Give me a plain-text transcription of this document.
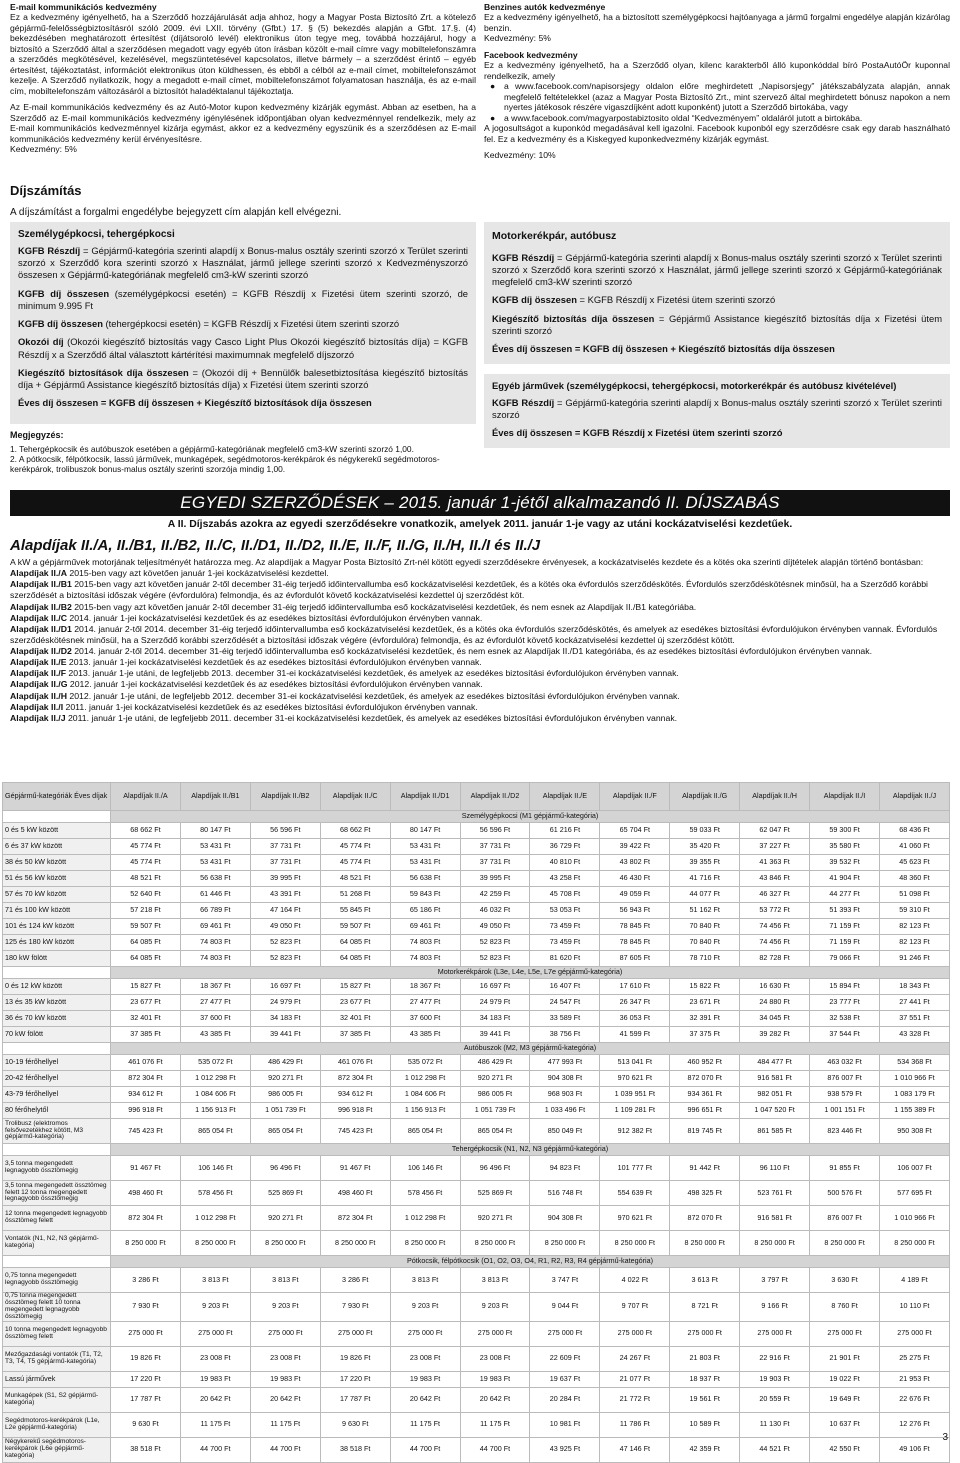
E-mail kommunikációs kedvezmény

Ez a kedvezmény igényelhető, ha a Szerződő hozzájárulását adja ahhoz, hogy a Magyar Posta Biztosító Zrt. a kötelező gépjármű-felelősségbiztosításról szóló 2009. évi LXII. törvény (Gfbt.) 17. § (5) bekezdés alapján a Gfbt. 17.§. (4) bekezdésében meghatározott értesítést (díjátsoroló levél) elektronikus úton tegye meg, továbbá hozzájárul, hogy a biztosító a Szerződő által a szerződésen megadott vagy egyéb úton írásban közölt e-mail címre vagy mobiltelefonszámra a szerződés megkötésével, kezelésével, megszüntetésével kapcsolatos, illetve bármely – a szerződést érintő – egyéb értesítést, tájékoztatást, információt elektronikus úton küldhessen, és ebből a célból az e-mail címet, mobiltelefonszámot kezelje. A Szerződő nyilatkozik, hogy a megadott e-mail címet, mobiltelefonszámot folyamatosan használja, és az e-mail cím, mobiltelefonszám változásáról a biztosítót haladéktalanul tájékoztatja.

Az E-mail kommunikációs kedvezmény és az Autó-Motor kupon kedvezmény kizárják egymást. Abban az esetben, ha a Szerződő az E-mail kommunikációs kedvezmény igénylésének időpontjában olyan kedvezménnyel rendelkezik, mely az E-mail kommunikációs kedvezménnyel kizárja egymást, akkor ez a kedvezmény egyszünik és a szerződésen az E-mail kommunikációs kedvezmény kerül érvényesítésre.

Kedvezmény: 5%
Benzines autók kedvezménye

Ez a kedvezmény igényelhető, ha a biztosított személygépkocsi hajtóanyaga a jármű forgalmi engedélye alapján kizárólag benzin.

Kedvezmény: 5%
Facebook kedvezmény

Ez a kedvezmény igényelhető, ha a Szerződő olyan, kilenc karakterből álló kuponkóddal bíró PostaAutóÖr kuponnal rendelkezik, amely

●	a www.facebook.com/napisorsjegy oldalon előre meghirdetett „Napisorsjegy” játékszabályzata alapján, annak megfelelő feltételekkel (azaz a Magyar Posta Biztosító Zrt., mint szervező által meghirdetett bónusz napokon a nem nyertes játékosok részére vigaszdíjként adott kuponként) jutott a Szerződő birtokába, vagy

●	a www.facebook.com/magyarpostabiztosito oldal “Kedvezményem” oldaláról jutott a birtokába.

A jogosultságot a kuponkód megadásával kell igazolni. Facebook kuponból egy szerződésre csak egy darab használható fel. Ez a kedvezmény és a Kiskegyed kuponkedvezmény kizárják egymást.

Kedvezmény: 10%
Díjszámítás
A díjszámítást a forgalmi engedélybe bejegyzett cím alapján kell elvégezni.
Személygépkocsi, tehergépkocsi

KGFB Részdíj = Gépjármű-kategória szerinti alapdíj x Bonus-malus osztály szerinti szorzó x Terület szerinti szorzó x Szerződő kora szerinti szorzó x Használat, jármű jellege szerinti szorzó x Kedvezményszorzó összesen x Gépjármű-kategóriának megfelelő cm3-kW szerinti szorzó

KGFB díj összesen (személygépkocsi esetén) = KGFB Részdíj x Fizetési ütem szerinti szorzó, de minimum 9.995 Ft

KGFB díj összesen (tehergépkocsi esetén) = KGFB Részdíj x Fizetési ütem szerinti szorzó

Okozói díj (Okozói kiegészítő biztosítás vagy Casco Light Plus Okozói kiegészítő biztosítás díja) = KGFB Részdíj x a Szerződő által választott kártérítési maximumnak megfelelő díjszorzó

Kiegészítő biztosítások díja összesen = (Okozói díj + Bennülők balesetbiztosítása kiegészítő biztosítás díja + Gépjármű Assistance kiegészítő biztosítás díja) x Fizetési ütem szerinti szorzó

Éves díj összesen = KGFB díj összesen + Kiegészítő biztosítások díja összesen

Megjegyzés:
1. Tehergépkocsik és autóbuszok esetében a gépjármű-kategóriának megfelelő cm3-kW szerinti szorzó 1,00.
2. A pótkocsik, félpótkocsik, lassú járművek, munkagépek, segédmotoros-kerékpárok és négykerekű segédmotoros-kerékpárok, trolibuszok bonus-malus osztály szerinti szorzója mindig 1,00.
Motorkerékpár, autóbusz

KGFB Részdíj = Gépjármű-kategória szerinti alapdíj x Bonus-malus osztály szerinti szorzó x Terület szerinti szorzó x Szerződő kora szerinti szorzó x Használat, jármű jellege szerinti szorzó x Gépjármű-kategóriának megfelelő cm3-kW szerinti szorzó

KGFB díj összesen = KGFB Részdíj x Fizetési ütem szerinti szorzó

Kiegészítő biztosítás díja összesen = Gépjármű Assistance kiegészítő biztosítás díja x Fizetési ütem szerinti szorzó

Éves díj összesen = KGFB díj összesen + Kiegészítő biztosítás díja összesen

Egyéb járművek (személygépkocsi, tehergépkocsi, motorkerékpár és autóbusz kivételével)

KGFB Részdíj = Gépjármű-kategória szerinti alapdíj x Bonus-malus osztály szerinti szorzó x Terület szerinti szorzó

Éves díj összesen = KGFB Részdíj x Fizetési ütem szerinti szorzó

EGYEDI SZERZŐDÉSEK – 2015. január 1-jétől alkalmazandó II. DÍJSZABÁS
A II. Díjszabás azokra az egyedi szerződésekre vonatkozik, amelyek 2011. január 1-je vagy az utáni kockázatviselési kezdetűek.
Alapdíjak II./A, II./B1, II./B2, II./C, II./D1, II./D2, II./E, II./F, II./G, II./H, II./I és II./J

A kW a gépjárművek motorjának teljesítményét határozza meg. Az alapdíjak a Magyar Posta Biztosító Zrt-nél kötött egyedi szerződésekre érvényesek, a kockázatviselés kezdete és a kötés oka szerinti díjtételek alapján történő bontásban:

Alapdíjak II./A 2015-ben vagy azt követően január 1-jei kockázatviselési kezdettel.

Alapdíjak II./B1 2015-ben vagy azt követően január 2-től december 31-éig terjedő időintervallumba eső kockázatviselési kezdetűek, és a kötés oka évfordulós szerződéskötés. Évfordulós szerződéskötésnek minősül, ha a Szerződő korábbi szerződését a biztosítási időszak végére (évfordulóra) felmondja, és az évfordulót követő kockázatviselési kezdettel új szerződést köt.

Alapdíjak II./B2 2015-ben vagy azt követően január 2-től december 31-éig terjedő időintervallumba eső kockázatviselési kezdetűek, és nem esnek az Alapdíjak II./B1 kategóriába.

Alapdíjak II./C 2014. január 1-jei kockázatviselési kezdetűek és az esedékes biztosítási évfordulójukon érvényben vannak.

Alapdíjak II./D1 2014. január 2-től 2014. december 31-éig terjedő időintervallumba eső kockázatviselési kezdetűek, és a kötés oka évfordulós szerződéskötés, és amelyek az esedékes biztosítási évfordulójukon érvényben vannak. Évfordulós szerződéskötésnek minősül, ha a Szerződő korábbi szerződését a biztosítási időszak végére (évfordulóra) felmondja, és az évfordulót követő kockázatviselési kezdettel új szerződést kötött.

Alapdíjak II./D2 2014. január 2-től 2014. december 31-éig terjedő időintervallumba eső kockázatviselési kezdetűek, és nem esnek az Alapdíjak II./D1 kategóriába, és az esedékes biztosítási évfordulójukon érvényben vannak.

Alapdíjak II./E 2013. január 1-jei kockázatviselési kezdetűek és az esedékes biztosítási évfordulójukon érvényben vannak.

Alapdíjak II./F 2013. január 1-je utáni, de legfeljebb 2013. december 31-ei kockázatviselési kezdetűek, és amelyek az esedékes biztosítási évfordulójukon érvényben vannak.

Alapdíjak II./G 2012. január 1-jei kockázatviselési kezdetűek és az esedékes biztosítási évfordulójukon érvényben vannak.

Alapdíjak II./H 2012. január 1-je utáni, de legfeljebb 2012. december 31-ei kockázatviselési kezdetűek, és amelyek az esedékes biztosítási évfordulójukon érvényben vannak.

Alapdíjak II./I 2011. január 1-jei kockázatviselési kezdetűek és az esedékes biztosítási évfordulójukon érvényben vannak.

Alapdíjak II./J 2011. január 1-je utáni, de legfeljebb 2011. december 31-ei kockázatviselési kezdetűek, és amelyek az esedékes biztosítási évfordulójukon érvényben vannak.

Gépjármű-kategóriák Éves díjak	Alapdíjak II./A	Alapdíjak II./B1	Alapdíjak II./B2	Alapdíjak II./C	Alapdíjak II./D1	Alapdíjak II./D2	Alapdíjak II./E	Alapdíjak II./F	Alapdíjak II./G	Alapdíjak II./H	Alapdíjak II./I	Alapdíjak II./J
	Személygépkocsi (M1 gépjármű-kategória)											
0 és 5 kW között	68 662 Ft	80 147 Ft	56 596 Ft	68 662 Ft	80 147 Ft	56 596 Ft	61 216 Ft	65 704 Ft	59 033 Ft	62 047 Ft	59 300 Ft	68 436 Ft
6 és 37 kW között	45 774 Ft	53 431 Ft	37 731 Ft	45 774 Ft	53 431 Ft	37 731 Ft	36 729 Ft	39 422 Ft	35 420 Ft	37 227 Ft	35 580 Ft	41 060 Ft
38 és 50 kW között	45 774 Ft	53 431 Ft	37 731 Ft	45 774 Ft	53 431 Ft	37 731 Ft	40 810 Ft	43 802 Ft	39 355 Ft	41 363 Ft	39 532 Ft	45 623 Ft
51 és 56 kW között	48 521 Ft	56 638 Ft	39 995 Ft	48 521 Ft	56 638 Ft	39 995 Ft	43 258 Ft	46 430 Ft	41 716 Ft	43 846 Ft	41 904 Ft	48 360 Ft
57 és 70 kW között	52 640 Ft	61 446 Ft	43 391 Ft	51 268 Ft	59 843 Ft	42 259 Ft	45 708 Ft	49 059 Ft	44 077 Ft	46 327 Ft	44 277 Ft	51 098 Ft
71 és 100 kW között	57 218 Ft	66 789 Ft	47 164 Ft	55 845 Ft	65 186 Ft	46 032 Ft	53 053 Ft	56 943 Ft	51 162 Ft	53 772 Ft	51 393 Ft	59 310 Ft
101 és 124 kW között	59 507 Ft	69 461 Ft	49 050 Ft	59 507 Ft	69 461 Ft	49 050 Ft	73 459 Ft	78 845 Ft	70 840 Ft	74 456 Ft	71 159 Ft	82 123 Ft
125 és 180 kW között	64 085 Ft	74 803 Ft	52 823 Ft	64 085 Ft	74 803 Ft	52 823 Ft	73 459 Ft	78 845 Ft	70 840 Ft	74 456 Ft	71 159 Ft	82 123 Ft
180 kW fölött	64 085 Ft	74 803 Ft	52 823 Ft	64 085 Ft	74 803 Ft	52 823 Ft	81 620 Ft	87 605 Ft	78 710 Ft	82 728 Ft	79 066 Ft	91 246 Ft
	Motorkerékpárok (L3e, L4e, L5e, L7e gépjármű-kategória)											
0 és 12 kW között	15 827 Ft	18 367 Ft	16 697 Ft	15 827 Ft	18 367 Ft	16 697 Ft	16 407 Ft	17 610 Ft	15 822 Ft	16 630 Ft	15 894 Ft	18 343 Ft
13 és 35 kW között	23 677 Ft	27 477 Ft	24 979 Ft	23 677 Ft	27 477 Ft	24 979 Ft	24 547 Ft	26 347 Ft	23 671 Ft	24 880 Ft	23 777 Ft	27 441 Ft
36 és 70 kW között	32 401 Ft	37 600 Ft	34 183 Ft	32 401 Ft	37 600 Ft	34 183 Ft	33 589 Ft	36 053 Ft	32 391 Ft	34 045 Ft	32 538 Ft	37 551 Ft
70 kW fölött	37 385 Ft	43 385 Ft	39 441 Ft	37 385 Ft	43 385 Ft	39 441 Ft	38 756 Ft	41 599 Ft	37 375 Ft	39 282 Ft	37 544 Ft	43 328 Ft
	Autóbuszok (M2, M3 gépjármű-kategória)											
10-19 férőhellyel	461 076 Ft	535 072 Ft	486 429 Ft	461 076 Ft	535 072 Ft	486 429 Ft	477 993 Ft	513 041 Ft	460 952 Ft	484 477 Ft	463 032 Ft	534 368 Ft
20-42 férőhellyel	872 304 Ft	1 012 298 Ft	920 271 Ft	872 304 Ft	1 012 298 Ft	920 271 Ft	904 308 Ft	970 621 Ft	872 070 Ft	916 581 Ft	876 007 Ft	1 010 966 Ft
43-79 férőhellyel	934 612 Ft	1 084 606 Ft	986 005 Ft	934 612 Ft	1 084 606 Ft	986 005 Ft	968 903 Ft	1 039 951 Ft	934 361 Ft	982 051 Ft	938 579 Ft	1 083 179 Ft
80 férőhelytől	996 918 Ft	1 156 913 Ft	1 051 739 Ft	996 918 Ft	1 156 913 Ft	1 051 739 Ft	1 033 496 Ft	1 109 281 Ft	996 651 Ft	1 047 520 Ft	1 001 151 Ft	1 155 389 Ft
Trolibusz (elektromos felsővezetékhez kötött, M3 gépjármű-kategória)	745 423 Ft	865 054 Ft	865 054 Ft	745 423 Ft	865 054 Ft	865 054 Ft	850 049 Ft	912 382 Ft	819 745 Ft	861 585 Ft	823 446 Ft	950 308 Ft
	Tehergépkocsik (N1, N2, N3 gépjármű-kategória)											
3,5 tonna megengedett legnagyobb össztömegig	91 467 Ft	106 146 Ft	96 496 Ft	91 467 Ft	106 146 Ft	96 496 Ft	94 823 Ft	101 777 Ft	91 442 Ft	96 110 Ft	91 855 Ft	106 007 Ft
3,5 tonna megengedett össztömeg felett 12 tonna megengedett legnagyobb össztömegig	498 460 Ft	578 456 Ft	525 869 Ft	498 460 Ft	578 456 Ft	525 869 Ft	516 748 Ft	554 639 Ft	498 325 Ft	523 761 Ft	500 576 Ft	577 695 Ft
12 tonna megengedett legnagyobb össztömeg felett	872 304 Ft	1 012 298 Ft	920 271 Ft	872 304 Ft	1 012 298 Ft	920 271 Ft	904 308 Ft	970 621 Ft	872 070 Ft	916 581 Ft	876 007 Ft	1 010 966 Ft
Vontatók (N1, N2, N3 gépjármű-kategória)	8 250 000 Ft	8 250 000 Ft	8 250 000 Ft	8 250 000 Ft	8 250 000 Ft	8 250 000 Ft	8 250 000 Ft	8 250 000 Ft	8 250 000 Ft	8 250 000 Ft	8 250 000 Ft	8 250 000 Ft
	Pótkocsik, félpótkocsik (O1, O2, O3, O4, R1, R2, R3, R4 gépjármű-kategória)											
0,75 tonna megengedett legnagyobb össztömegig	3 286 Ft	3 813 Ft	3 813 Ft	3 286 Ft	3 813 Ft	3 813 Ft	3 747 Ft	4 022 Ft	3 613 Ft	3 797 Ft	3 630 Ft	4 189 Ft
0,75 tonna megengedett össztömeg felett 10 tonna megengedett legnagyobb össztömegig	7 930 Ft	9 203 Ft	9 203 Ft	7 930 Ft	9 203 Ft	9 203 Ft	9 044 Ft	9 707 Ft	8 721 Ft	9 166 Ft	8 760 Ft	10 110 Ft
10 tonna megengedett legnagyobb össztömeg felett	275 000 Ft	275 000 Ft	275 000 Ft	275 000 Ft	275 000 Ft	275 000 Ft	275 000 Ft	275 000 Ft	275 000 Ft	275 000 Ft	275 000 Ft	275 000 Ft
Mezőgazdasági vontatók (T1, T2, T3, T4, T5 gépjármű-kategória)	19 826 Ft	23 008 Ft	23 008 Ft	19 826 Ft	23 008 Ft	23 008 Ft	22 609 Ft	24 267 Ft	21 803 Ft	22 916 Ft	21 901 Ft	25 275 Ft
Lassú járművek	17 220 Ft	19 983 Ft	19 983 Ft	17 220 Ft	19 983 Ft	19 983 Ft	19 637 Ft	21 077 Ft	18 937 Ft	19 903 Ft	19 022 Ft	21 953 Ft
Munkagépek (S1, S2 gépjármű-kategória)	17 787 Ft	20 642 Ft	20 642 Ft	17 787 Ft	20 642 Ft	20 642 Ft	20 284 Ft	21 772 Ft	19 561 Ft	20 559 Ft	19 649 Ft	22 676 Ft
Segédmotoros-kerékpárok (L1e, L2e gépjármű-kategória)	9 630 Ft	11 175 Ft	11 175 Ft	9 630 Ft	11 175 Ft	11 175 Ft	10 981 Ft	11 786 Ft	10 589 Ft	11 130 Ft	10 637 Ft	12 276 Ft
Négykerekű segédmotoros-kerékpárok (L6e gépjármű-kategória)	38 518 Ft	44 700 Ft	44 700 Ft	38 518 Ft	44 700 Ft	44 700 Ft	43 925 Ft	47 146 Ft	42 359 Ft	44 521 Ft	42 550 Ft	49 106 Ft
3
